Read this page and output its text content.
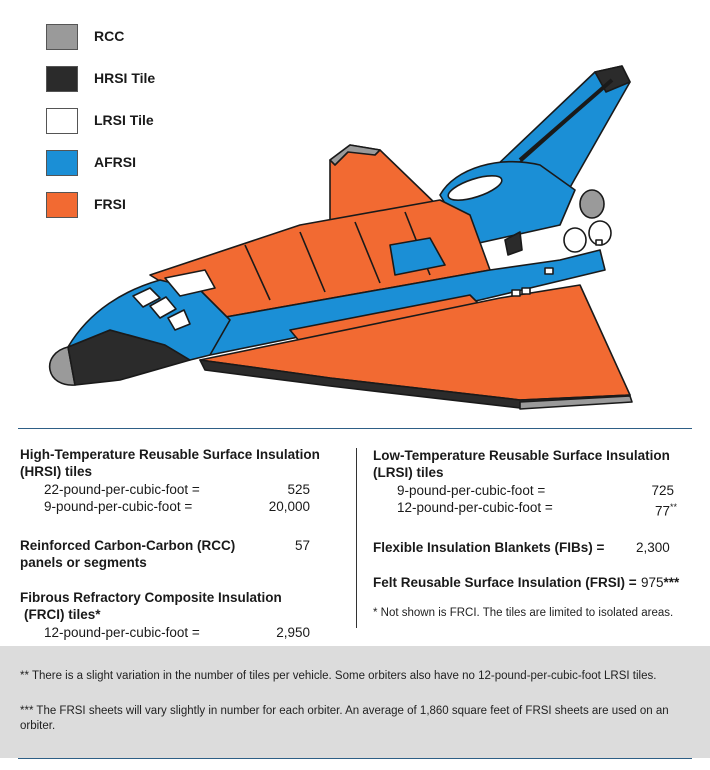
RCC
HRSI Tile
LRSI Tile
AFRSI
FRSI
High-Temperature Reusable Surface Insulation
(HRSI) tiles
22-pound-per-cubic-foot =	525
9-pound-per-cubic-foot =	20,000
Reinforced Carbon-Carbon (RCC)	57
panels or segments
Fibrous Refractory Composite Insulation
(FRCI) tiles*
12-pound-per-cubic-foot =	2,950
Low-Temperature Reusable Surface Insulation
(LRSI) tiles
9-pound-per-cubic-foot =	725
12-pound-per-cubic-foot =	77**
Flexible Insulation Blankets (FIBs) = 2,300
Felt Reusable Surface Insulation (FRSI) = 975***
* Not shown is FRCI. The tiles are limited to isolated areas.
** There is a slight variation in the number of tiles per vehicle. Some orbiters also have no 12-pound-per-cubic-foot LRSI tiles.
*** The FRSI sheets will vary slightly in number for each orbiter. An average of 1,860 square feet of FRSI sheets are used on an orbiter.
